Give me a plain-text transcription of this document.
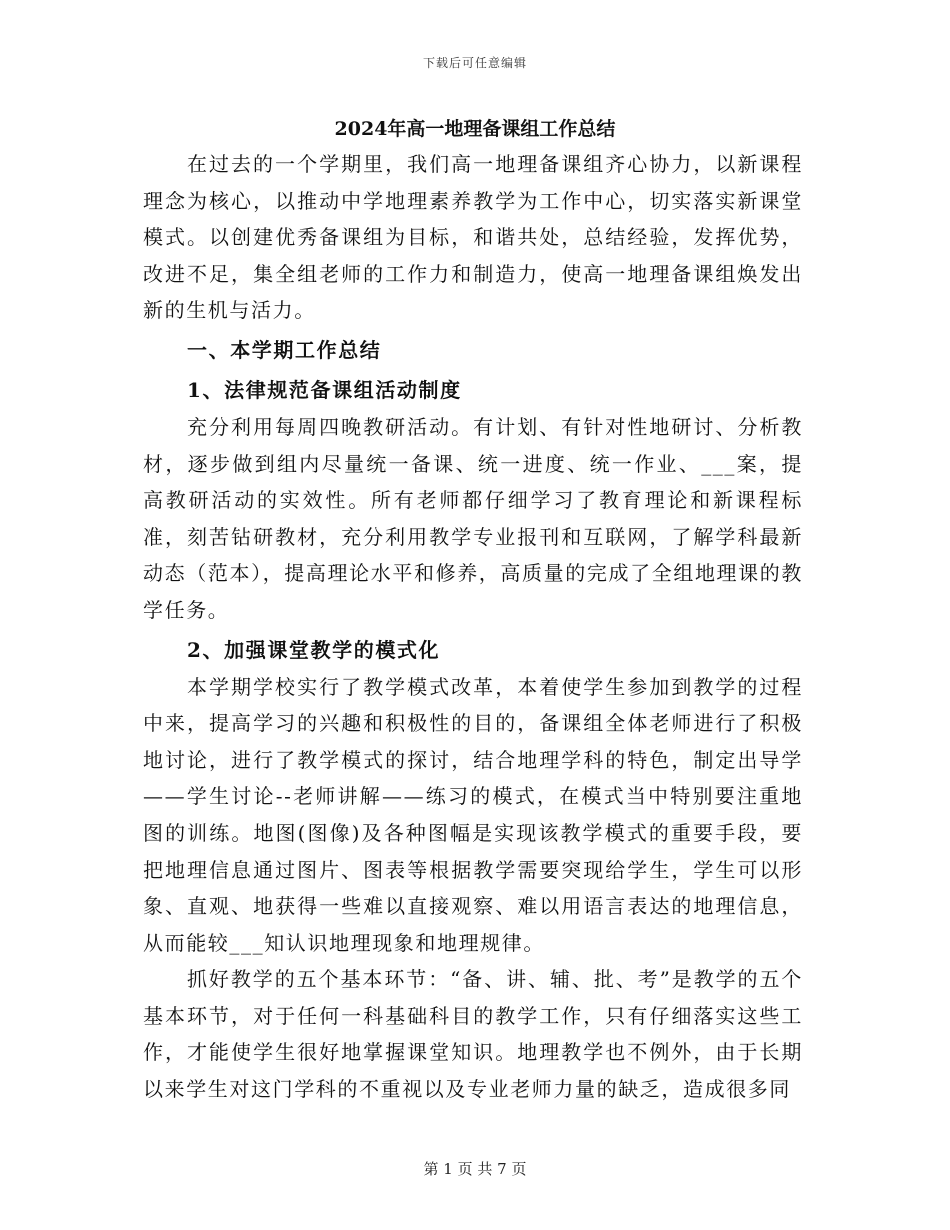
下载后可任意编辑
2024年高一地理备课组工作总结

在过去的一个学期里，我们高一地理备课组齐心协力，以新课程理念为核心，以推动中学地理素养教学为工作中心，切实落实新课堂模式。以创建优秀备课组为目标，和谐共处，总结经验，发挥优势，改进不足，集全组老师的工作力和制造力，使高一地理备课组焕发出新的生机与活力。

一、本学期工作总结

1、法律规范备课组活动制度

充分利用每周四晚教研活动。有计划、有针对性地研讨、分析教材，逐步做到组内尽量统一备课、统一进度、统一作业、___案，提高教研活动的实效性。所有老师都仔细学习了教育理论和新课程标准，刻苦钻研教材，充分利用教学专业报刊和互联网，了解学科最新动态（范本），提高理论水平和修养，高质量的完成了全组地理课的教学任务。

2、加强课堂教学的模式化

本学期学校实行了教学模式改革，本着使学生参加到教学的过程中来，提高学习的兴趣和积极性的目的，备课组全体老师进行了积极地讨论，进行了教学模式的探讨，结合地理学科的特色，制定出导学——学生讨论--老师讲解——练习的模式，在模式当中特别要注重地图的训练。地图(图像)及各种图幅是实现该教学模式的重要手段，要把地理信息通过图片、图表等根据教学需要突现给学生，学生可以形象、直观、地获得一些难以直接观察、难以用语言表达的地理信息，从而能较___知认识地理现象和地理规律。

抓好教学的五个基本环节：“备、讲、辅、批、考”是教学的五个基本环节，对于任何一科基础科目的教学工作，只有仔细落实这些工作，才能使学生很好地掌握课堂知识。地理教学也不例外，由于长期以来学生对这门学科的不重视以及专业老师力量的缺乏，造成很多同

第 1 页 共 7 页
